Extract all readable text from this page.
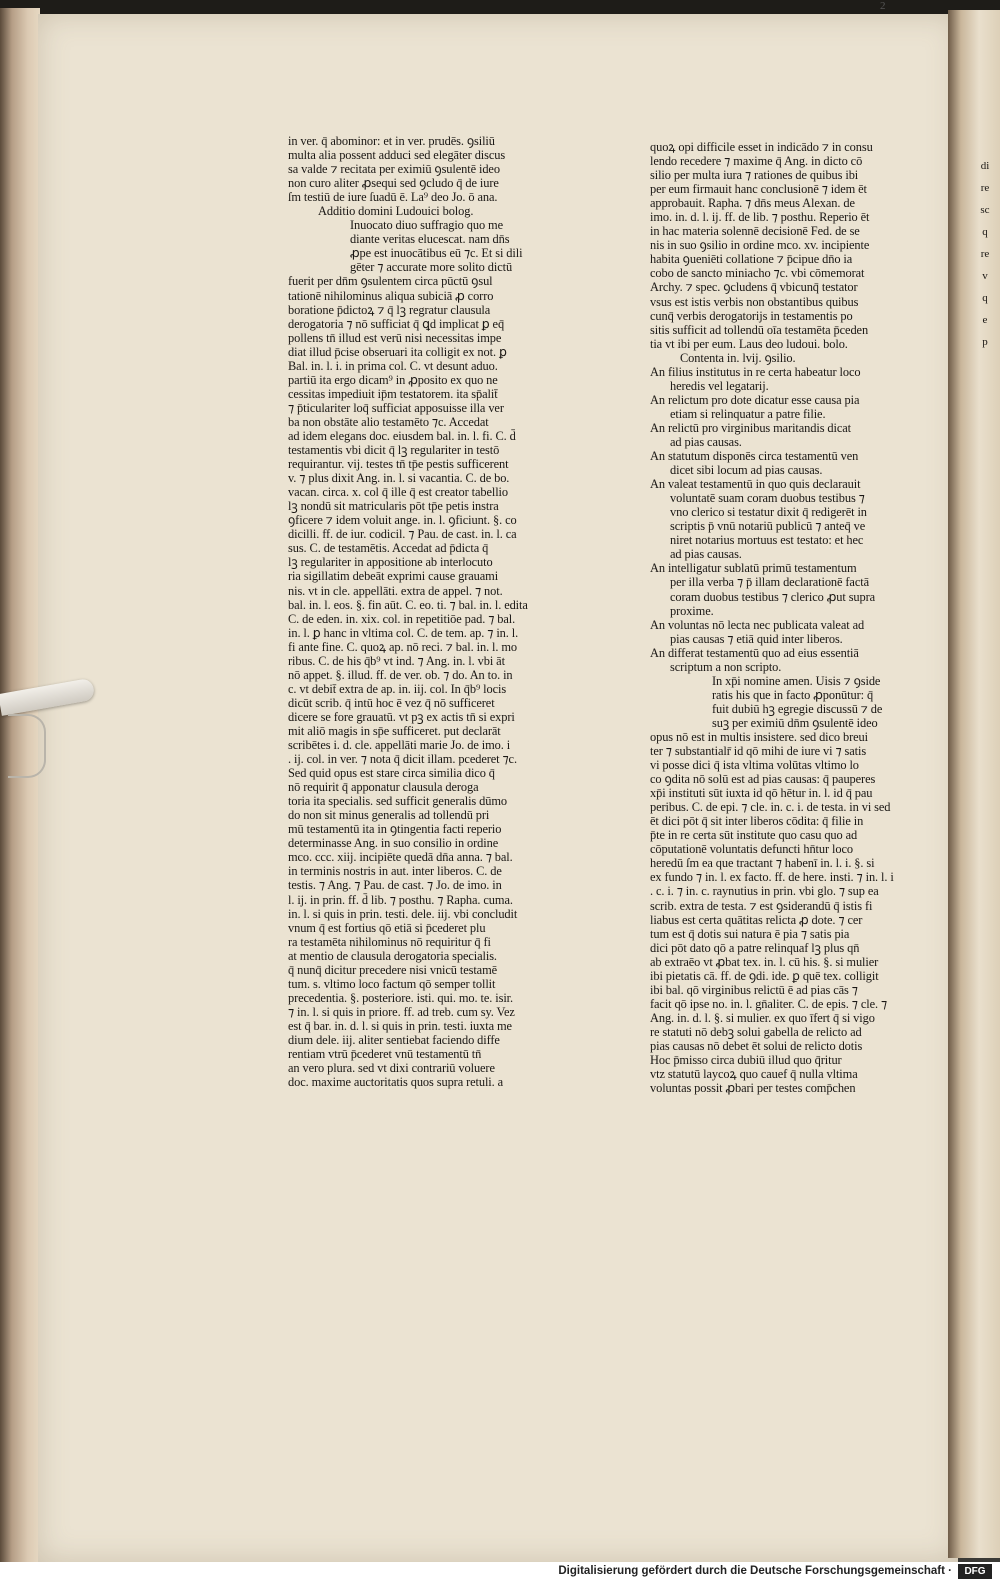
2

in ver. q̄ abominor: et in ver. prudēs. ꝯsiliū

multa alia possent adduci sed elegāter discus

sa valde ⁊ recitata per eximiū ꝯsulentē ideo

non curo aliter ꝓsequi sed ꝯcludo q̄ de iure

ſm testiū de iure ſuadū ē. La⁹ deo Jo. ō ana.

Additio domini Ludouici bolog.

Inuocato diuo suffragio quo me

diante veritas elucescat. nam dn̄s

ꝓpe est inuocātibus eū ⁊c. Et si dili

gēter ⁊ accurate more solito dictū

fuerit per dn̄m ꝯsulentem circa pūctū ꝯsul

tationē nihilominus aliqua subiciā ꝓ corro

boratione p̄dictoꝝ ⁊ q̄ lꝫ regratur clausula

derogatoria ⁊ nō sufficiat q̄ ꝗd implicat ꝑ eq̄

pollens tn̄ illud est verū nisi necessitas impe

diat illud p̄cise obseruari ita colligit ex not. ꝑ

Bal. in. l. i. in prima col. C. vt desunt aduo.

partiū ita ergo dicam⁹ in ꝓposito ex quo ne

cessitas impediuit ip̄m testatorem. ita sp̄alit̄

⁊ p̄ticulariter loq̄ sufficiat apposuisse illa ver

ba non obstāte alio testamēto ⁊c. Accedat

ad idem elegans doc. eiusdem bal. in. l. fi. C. d̄

testamentis vbi dicit q̄ lꝫ regulariter in testō

requirantur. vij. testes tn̄ tp̄e pestis sufficerent

v. ⁊ plus dixit Ang. in. l. si vacantia. C. de bo.

vacan. circa. x. col q̄ ille q̄ est creator tabellio

lꝫ nondū sit matricularis pōt tp̄e petis instra

ꝯficere ⁊ idem voluit ange. in. l. ꝯficiunt. §. co

dicilli. ff. de iur. codicil. ⁊ Pau. de cast. in. l. ca

sus. C. de testamētis. Accedat ad p̄dicta q̄

lꝫ regulariter in appositione ab interlocuto

ria sigillatim debeāt exprimi cause grauami

nis. vt in cle. appellāti. extra de appel. ⁊ not.

bal. in. l. eos. §. fin aūt. C. eo. ti. ⁊ bal. in. l. edita

C. de eden. in. xix. col. in repetitiōe pad. ⁊ bal.

in. l. ꝑ hanc in vltima col. C. de tem. ap. ⁊ in. l.

fi ante fine. C. quoꝝ ap. nō reci. ⁊ bal. in. l. mo

ribus. C. de his q̄b⁹ vt ind. ⁊ Ang. in. l. vbi āt

nō appet. §. illud. ff. de ver. ob. ⁊ do. An to. in

c. vt debit̄ extra de ap. in. iij. col. In q̄b⁹ locis

dicūt scrib. q̄ intū hoc ē vez q̄ nō sufficeret

dicere se fore grauatū. vt pꝫ ex actis tn̄ si expri

mit aliō magis in sp̄e sufficeret. put declarāt

scribētes i. d. cle. appellāti marie Jo. de imo. i

. ij. col. in ver. ⁊ nota q̄ dicit illam. pcederet ⁊c.

Sed quid opus est stare circa similia dico q̄

nō requirit q̄ apponatur clausula deroga

toria ita specialis. sed sufficit generalis dūmo

do non sit minus generalis ad tollendū pri

mū testamentū ita in ꝯtingentia facti reperio

determinasse Ang. in suo consilio in ordine

mco. ccc. xiij. incipiēte quedā dn̄a anna. ⁊ bal.

in terminis nostris in aut. inter liberos. C. de

testis. ⁊ Ang. ⁊ Pau. de cast. ⁊ Jo. de imo. in

l. ij. in prin. ff. d̄ lib. ⁊ posthu. ⁊ Rapha. cuma.

in. l. si quis in prin. testi. dele. iij. vbi concludit

vnum q̄ est fortius qō etiā si p̄cederet plu

ra testamēta nihilominus nō requiritur q̄ fi

at mentio de clausula derogatoria specialis.

q̄ nunq̄ dicitur precedere nisi vnicū testamē

tum. s. vltimo loco factum qō semper tollit

precedentia. §. posteriore. isti. qui. mo. te. isir.

⁊ in. l. si quis in priore. ff. ad treb. cum sy. Vez

est q̄ bar. in. d. l. si quis in prin. testi. iuxta me

dium dele. iij. aliter sentiebat faciendo diffe

rentiam vtrū p̄cederet vnū testamentū tn̄

an vero plura. sed vt dixi contrariū voluere

doc. maxime auctoritatis quos supra retuli. a

quoꝝ opi difficile esset in indicādo ⁊ in consu

lendo recedere ⁊ maxime q̄ Ang. in dicto cō

silio per multa iura ⁊ rationes de quibus ibi

per eum firmauit hanc conclusionē ⁊ idem ēt

approbauit. Rapha. ⁊ dn̄s meus Alexan. de

imo. in. d. l. ij. ff. de lib. ⁊ posthu. Reperio ēt

in hac materia solennē decisionē Fed. de se

nis in suo ꝯsilio in ordine mco. xv. incipiente

habita ꝯueniēti collatione ⁊ p̄cipue dn̄o ia

cobo de sancto miniacho ⁊c. vbi cōmemorat

Archy. ⁊ spec. ꝯcludens q̄ vbicunq̄ testator

vsus est istis verbis non obstantibus quibus

cunq̄ verbis derogatorijs in testamentis po

sitis sufficit ad tollendū oīa testamēta p̄ceden

tia vt ibi per eum. Laus deo ludoui. bolo.

Contenta in. lvij. ꝯsilio.

An filius institutus in re certa habeatur loco

heredis vel legatarij.

An relictum pro dote dicatur esse causa pia

etiam si relinquatur a patre filie.

An relictū pro virginibus maritandis dicat

ad pias causas.

An statutum disponēs circa testamentū ven

dicet sibi locum ad pias causas.

An valeat testamentū in quo quis declarauit

voluntatē suam coram duobus testibus ⁊

vno clerico si testatur dixit q̄ redigerēt in

scriptis p̄ vnū notariū publicū ⁊ anteq̄ ve

niret notarius mortuus est testato: et hec

ad pias causas.

An intelligatur sublatū primū testamentum

per illa verba ⁊ p̄ illam declarationē factā

coram duobus testibus ⁊ clerico ꝓut supra

proxime.

An voluntas nō lecta nec publicata valeat ad

pias causas ⁊ etiā quid inter liberos.

An differat testamentū quo ad eius essentiā

scriptum a non scripto.

In xp̄i nomine amen. Uisis ⁊ ꝯside

ratis his que in facto ꝓponūtur: q̄

fuit dubiū hꝫ egregie discussū ⁊ de

suꝫ per eximiū dn̄m ꝯsulentē ideo

opus nō est in multis insistere. sed dico breui

ter ⁊ substantialr̄ id qō mihi de iure vi ⁊ satis

vi posse dici q̄ ista vltima volūtas vltimo lo

co ꝯdita nō solū est ad pias causas: q̄ pauperes

xp̄i instituti sūt iuxta id qō hētur in. l. id q̄ pau

peribus. C. de epi. ⁊ cle. in. c. i. de testa. in vi sed

ēt dici pōt q̄ sit inter liberos cōdita: q̄ filie in

p̄te in re certa sūt institute quo casu quo ad

cōputationē voluntatis defuncti hn̄tur loco

heredū ſm ea que tractant ⁊ habenī in. l. i. §. si

ex fundo ⁊ in. l. ex facto. ff. de here. insti. ⁊ in. l. i

. c. i. ⁊ in. c. raynutius in prin. vbi glo. ⁊ sup ea

scrib. extra de testa. ⁊ est ꝯsiderandū q̄ istis fi

liabus est certa quātitas relicta ꝓ dote. ⁊ cer

tum est q̄ dotis sui natura ē pia ⁊ satis pia

dici pōt dato qō a patre relinquaf lꝫ plus qn̄

ab extraēo vt ꝓbat tex. in. l. cū his. §. si mulier

ibi pietatis cā. ff. de ꝯdi. ide. ꝑ quē tex. colligit

ibi bal. qō virginibus relictū ē ad pias cās ⁊

facit qō ipse no. in. l. gn̄aliter. C. de epis. ⁊ cle. ⁊

Ang. in. d. l. §. si mulier. ex quo īfert q̄ si vigo

re statuti nō debꝫ solui gabella de relicto ad

pias causas nō debet ēt solui de relicto dotis

Hoc p̄misso circa dubiū illud quo q̄ritur

vtz statutū laycoꝝ quo cauef q̄ nulla vltima

voluntas possit ꝓbari per testes comp̄chen

di
re
sc
q
re
v
q
e
p
Digitalisierung gefördert durch die Deutsche Forschungsgemeinschaft ·	DFG
